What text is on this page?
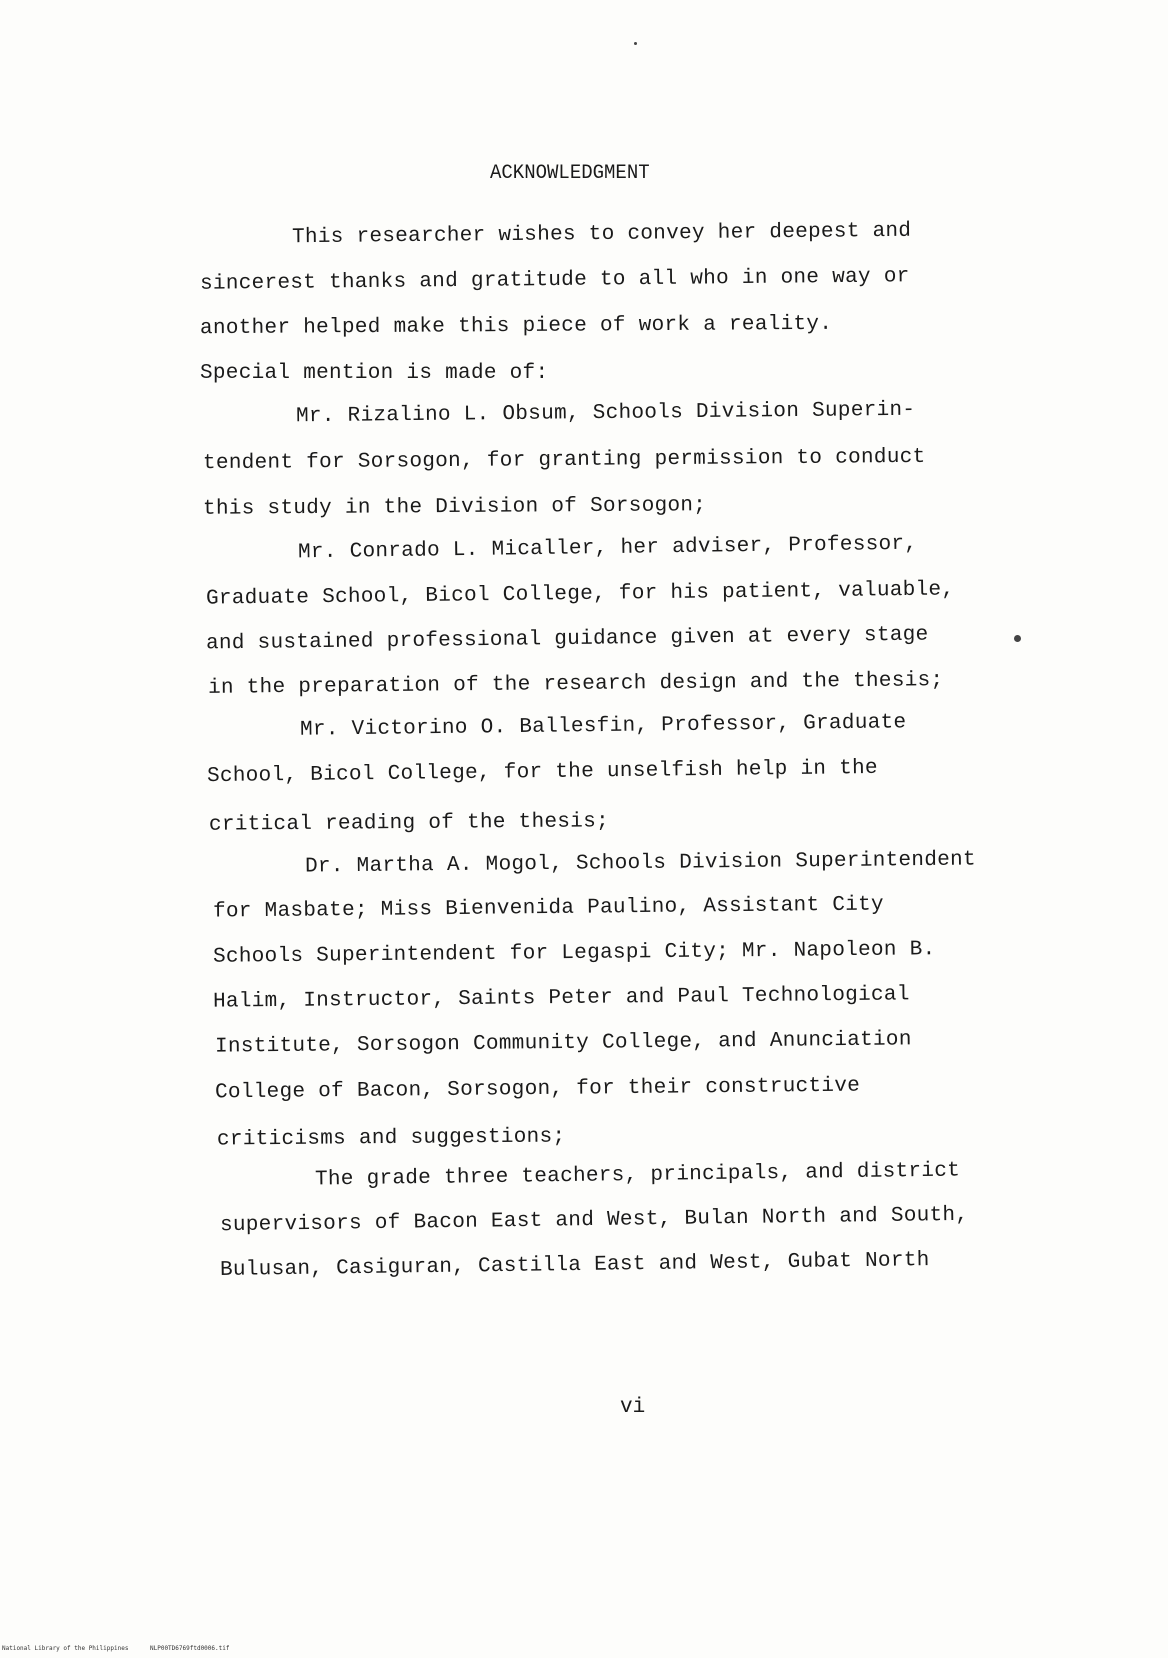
ACKNOWLEDGMENT
This researcher wishes to convey her deepest and
sincerest thanks and gratitude to all who in one way or
another helped make this piece of work a reality.
Special mention is made of:
Mr. Rizalino L. Obsum, Schools Division Superin-
tendent for Sorsogon, for granting permission to conduct
this study in the Division of Sorsogon;
Mr. Conrado L. Micaller, her adviser, Professor,
Graduate School, Bicol College, for his patient, valuable,
and sustained professional guidance given at every stage
in the preparation of the research design and the thesis;
Mr. Victorino O. Ballesfin, Professor, Graduate
School, Bicol College, for the unselfish help in the
critical reading of the thesis;
Dr. Martha A. Mogol, Schools Division Superintendent
for Masbate; Miss Bienvenida Paulino, Assistant City
Schools Superintendent for Legaspi City; Mr. Napoleon B.
Halim, Instructor, Saints Peter and Paul Technological
Institute, Sorsogon Community College, and Anunciation
College of Bacon, Sorsogon, for their constructive
criticisms and suggestions;
The grade three teachers, principals, and district
supervisors of Bacon East and West, Bulan North and South,
Bulusan, Casiguran, Castilla East and West, Gubat North
vi
National Library of the Philippines	NLP00TD6769ftd0006.tif
